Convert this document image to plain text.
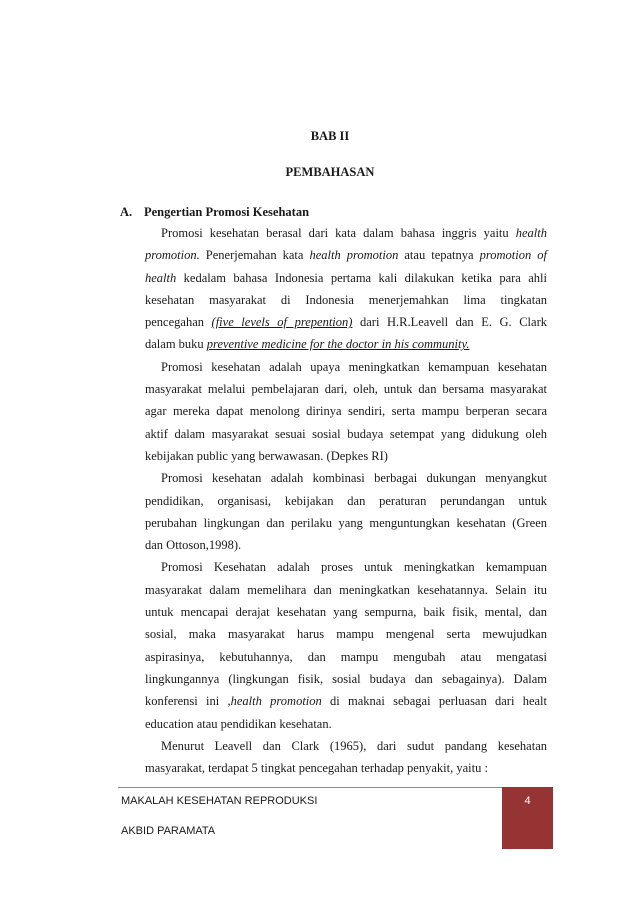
BAB II
PEMBAHASAN
A. Pengertian Promosi Kesehatan
Promosi kesehatan berasal dari kata dalam bahasa inggris yaitu health
promotion. Penerjemahan kata health promotion atau tepatnya promotion of
health kedalam bahasa Indonesia pertama kali dilakukan ketika para ahli
kesehatan masyarakat di Indonesia menerjemahkan lima tingkatan
pencegahan (five levels of prepention) dari H.R.Leavell dan E. G. Clark
dalam buku preventive medicine for the doctor in his community.
Promosi kesehatan adalah upaya meningkatkan kemampuan kesehatan
masyarakat melalui pembelajaran dari, oleh, untuk dan bersama masyarakat
agar mereka dapat menolong dirinya sendiri, serta mampu berperan secara
aktif dalam masyarakat sesuai sosial budaya setempat yang didukung oleh
kebijakan public yang berwawasan. (Depkes RI)
Promosi kesehatan adalah kombinasi berbagai dukungan menyangkut
pendidikan, organisasi, kebijakan dan peraturan perundangan untuk
perubahan lingkungan dan perilaku yang menguntungkan kesehatan (Green
dan Ottoson,1998).
Promosi Kesehatan adalah proses untuk meningkatkan kemampuan
masyarakat dalam memelihara dan meningkatkan kesehatannya. Selain itu
untuk mencapai derajat kesehatan yang sempurna, baik fisik, mental, dan
sosial, maka masyarakat harus mampu mengenal serta mewujudkan
aspirasinya, kebutuhannya, dan mampu mengubah atau mengatasi
lingkungannya (lingkungan fisik, sosial budaya dan sebagainya). Dalam
konferensi ini ,health promotion di maknai sebagai perluasan dari healt
education atau pendidikan kesehatan.
Menurut Leavell dan Clark (1965), dari sudut pandang kesehatan
masyarakat, terdapat 5 tingkat pencegahan terhadap penyakit, yaitu :
MAKALAH KESEHATAN REPRODUKSI
AKBID PARAMATA
4
